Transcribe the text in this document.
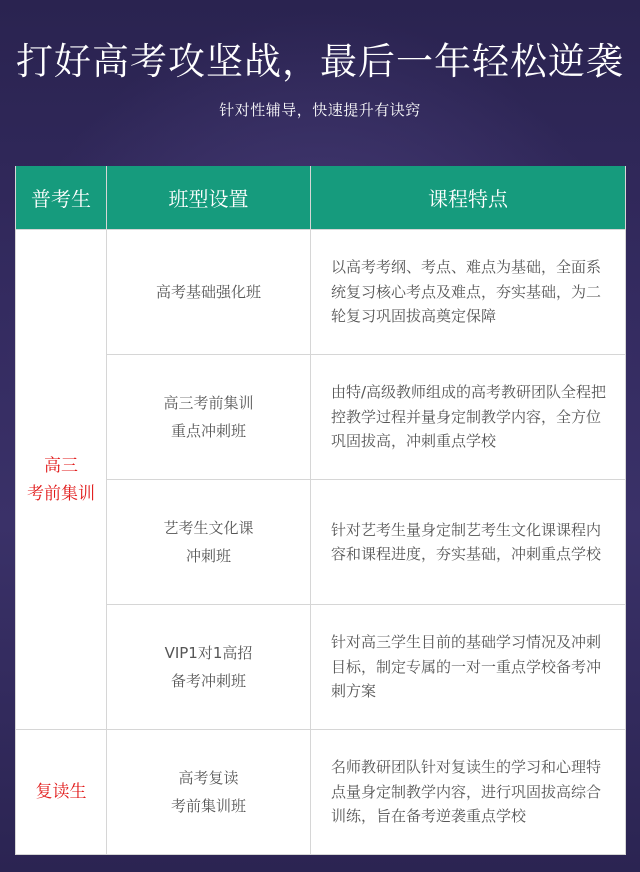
打好高考攻坚战，最后一年轻松逆袭
针对性辅导，快速提升有诀窍
普考生	班型设置	课程特点

高三
考前集训	高考基础强化班	以高考考纲、考点、难点为基础，全面系统复习核心考点及难点，夯实基础，为二轮复习巩固拔高奠定保障

	高三考前集训
重点冲刺班	由特/高级教师组成的高考教研团队全程把控教学过程并量身定制教学内容，全方位巩固拔高，冲刺重点学校

	艺考生文化课
冲刺班	针对艺考生量身定制艺考生文化课课程内容和课程进度，夯实基础，冲刺重点学校

	VIP1对1高招
备考冲刺班	针对高三学生目前的基础学习情况及冲刺目标，制定专属的一对一重点学校备考冲刺方案

复读生	高考复读
考前集训班	名师教研团队针对复读生的学习和心理特点量身定制教学内容，进行巩固拔高综合训练，旨在备考逆袭重点学校
